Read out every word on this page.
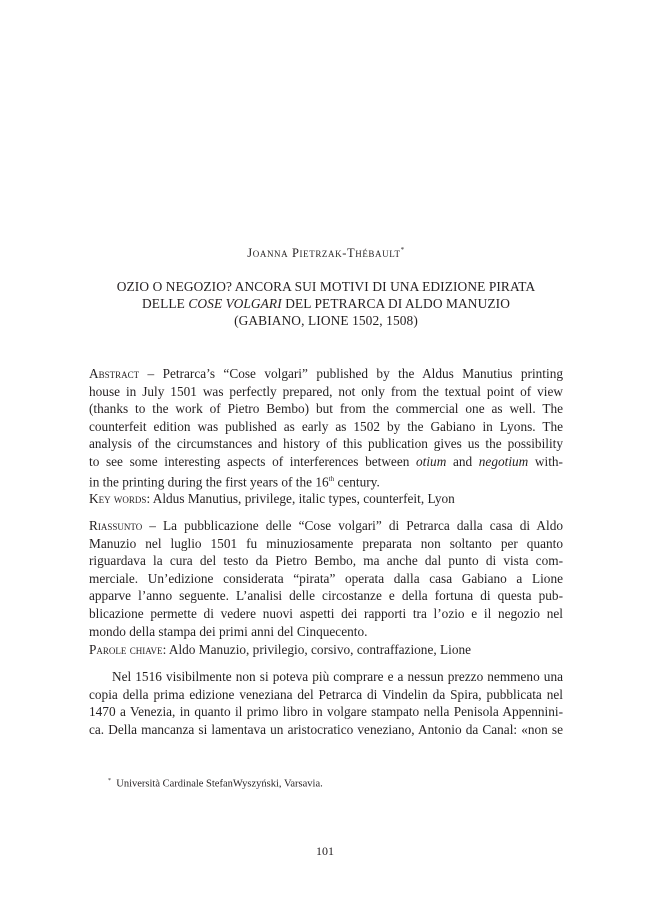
Joanna Pietrzak-Thébault*
OZIO O NEGOZIO? ANCORA SUI MOTIVI DI UNA EDIZIONE PIRATA
DELLE COSE VOLGARI DEL PETRARCA DI ALDO MANUZIO
(GABIANO, LIONE 1502, 1508)
Abstract – Petrarca’s “Cose volgari” published by the Aldus Manutius printing
house in July 1501 was perfectly prepared, not only from the textual point of view
(thanks to the work of Pietro Bembo) but from the commercial one as well. The
counterfeit edition was published as early as 1502 by the Gabiano in Lyons. The
analysis of the circumstances and history of this publication gives us the possibility
to see some interesting aspects of interferences between otium and negotium with-
in the printing during the first years of the 16th century.
Key words: Aldus Manutius, privilege, italic types, counterfeit, Lyon
Riassunto – La pubblicazione delle “Cose volgari” di Petrarca dalla casa di Aldo
Manuzio nel luglio 1501 fu minuziosamente preparata non soltanto per quanto
riguardava la cura del testo da Pietro Bembo, ma anche dal punto di vista com-
merciale. Un’edizione considerata “pirata” operata dalla casa Gabiano a Lione
apparve l’anno seguente. L’analisi delle circostanze e della fortuna di questa pub-
blicazione permette di vedere nuovi aspetti dei rapporti tra l’ozio e il negozio nel
mondo della stampa dei primi anni del Cinquecento.
Parole chiave: Aldo Manuzio, privilegio, corsivo, contraffazione, Lione
Nel 1516 visibilmente non si poteva più comprare e a nessun prezzo nemmeno una
copia della prima edizione veneziana del Petrarca di Vindelin da Spira, pubblicata nel
1470 a Venezia, in quanto il primo libro in volgare stampato nella Penisola Appennini-
ca. Della mancanza si lamentava un aristocratico veneziano, Antonio da Canal: «non se
* Università Cardinale StefanWyszyński, Varsavia.
101
